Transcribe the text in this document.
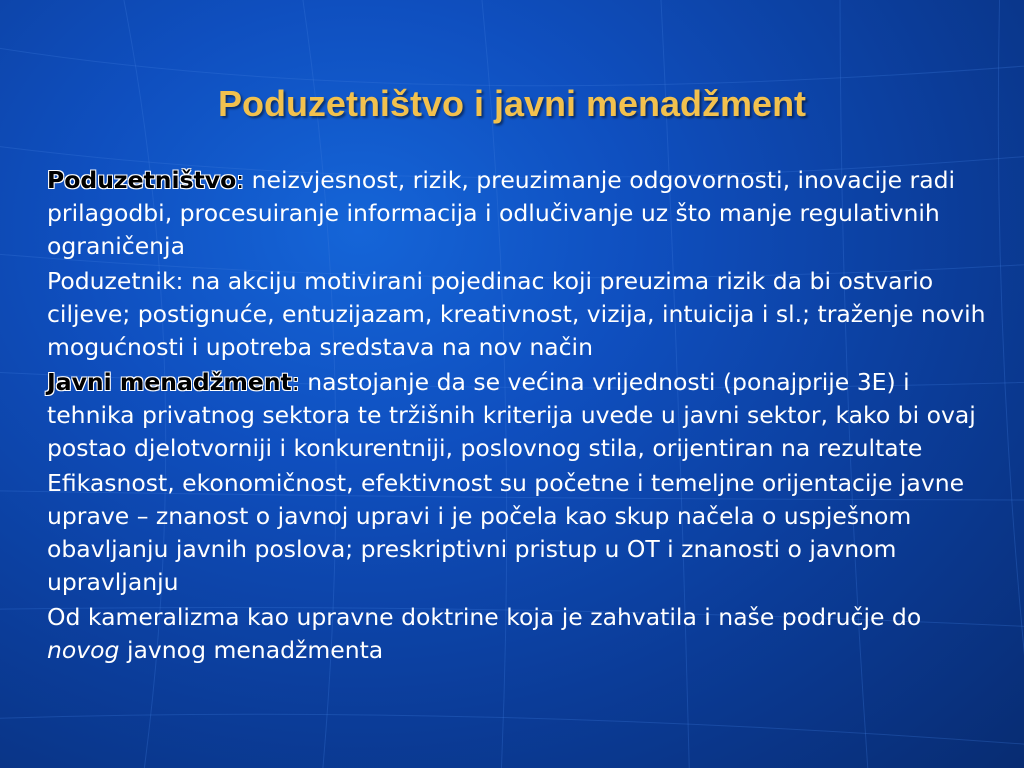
Poduzetništvo i javni menadžment

Poduzetništvo: neizvjesnost, rizik, preuzimanje odgovornosti, inovacije radi prilagodbi, procesuiranje informacija i odlučivanje uz što manje regulativnih ograničenja

Poduzetnik: na akciju motivirani pojedinac koji preuzima rizik da bi ostvario ciljeve; postignuće, entuzijazam, kreativnost, vizija, intuicija i sl.; traženje novih mogućnosti i upotreba sredstava na nov način

Javni menadžment: nastojanje da se većina vrijednosti (ponajprije 3E) i tehnika privatnog sektora te tržišnih kriterija uvede u javni sektor, kako bi ovaj postao djelotvorniji i konkurentniji, poslovnog stila, orijentiran na rezultate

Efikasnost, ekonomičnost, efektivnost su početne i temeljne orijentacije javne uprave – znanost o javnoj upravi i je počela kao skup načela o uspješnom obavljanju javnih poslova; preskriptivni pristup u OT i znanosti o javnom upravljanju

Od kameralizma kao upravne doktrine koja je zahvatila i naše područje do novog javnog menadžmenta
